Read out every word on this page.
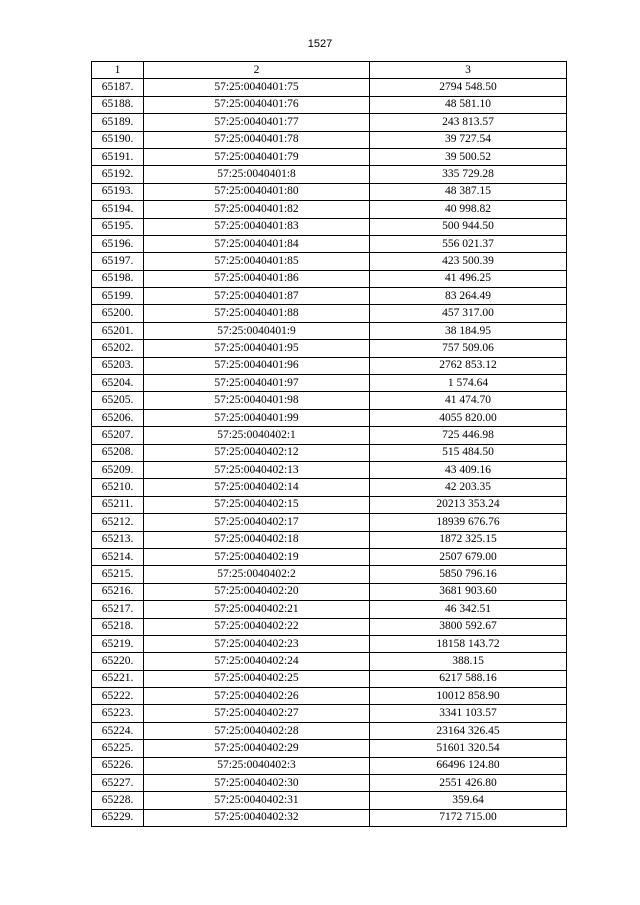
1527
1	2	3
65187.	57:25:0040401:75	2794 548.50
65188.	57:25:0040401:76	48 581.10
65189.	57:25:0040401:77	243 813.57
65190.	57:25:0040401:78	39 727.54
65191.	57:25:0040401:79	39 500.52
65192.	57:25:0040401:8	335 729.28
65193.	57:25:0040401:80	48 387.15
65194.	57:25:0040401:82	40 998.82
65195.	57:25:0040401:83	500 944.50
65196.	57:25:0040401:84	556 021.37
65197.	57:25:0040401:85	423 500.39
65198.	57:25:0040401:86	41 496.25
65199.	57:25:0040401:87	83 264.49
65200.	57:25:0040401:88	457 317.00
65201.	57:25:0040401:9	38 184.95
65202.	57:25:0040401:95	757 509.06
65203.	57:25:0040401:96	2762 853.12
65204.	57:25:0040401:97	1 574.64
65205.	57:25:0040401:98	41 474.70
65206.	57:25:0040401:99	4055 820.00
65207.	57:25:0040402:1	725 446.98
65208.	57:25:0040402:12	515 484.50
65209.	57:25:0040402:13	43 409.16
65210.	57:25:0040402:14	42 203.35
65211.	57:25:0040402:15	20213 353.24
65212.	57:25:0040402:17	18939 676.76
65213.	57:25:0040402:18	1872 325.15
65214.	57:25:0040402:19	2507 679.00
65215.	57:25:0040402:2	5850 796.16
65216.	57:25:0040402:20	3681 903.60
65217.	57:25:0040402:21	46 342.51
65218.	57:25:0040402:22	3800 592.67
65219.	57:25:0040402:23	18158 143.72
65220.	57:25:0040402:24	388.15
65221.	57:25:0040402:25	6217 588.16
65222.	57:25:0040402:26	10012 858.90
65223.	57:25:0040402:27	3341 103.57
65224.	57:25:0040402:28	23164 326.45
65225.	57:25:0040402:29	51601 320.54
65226.	57:25:0040402:3	66496 124.80
65227.	57:25:0040402:30	2551 426.80
65228.	57:25:0040402:31	359.64
65229.	57:25:0040402:32	7172 715.00
